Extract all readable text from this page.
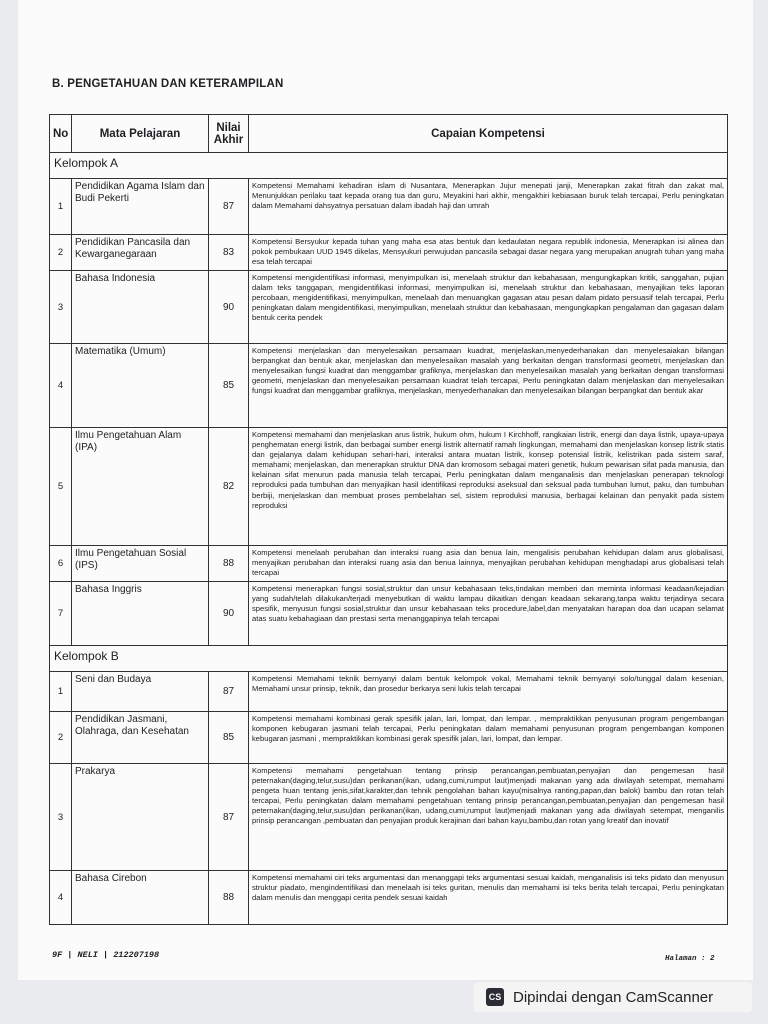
B. PENGETAHUAN DAN KETERAMPILAN
No	Mata Pelajaran	Nilai Akhir	Capaian Kompetensi
Kelompok A			
1	Pendidikan Agama Islam dan Budi Pekerti	87	Kompetensi Memahami kehadiran islam di Nusantara, Menerapkan Jujur menepati janji, Menerapkan zakat fitrah dan zakat mal, Menunjukkan perilaku taat kepada orang tua dan guru, Meyakini hari akhir, mengakhiri kebiasaan buruk telah tercapai, Perlu peningkatan dalam Memahami dahsyatnya persatuan dalam ibadah haji dan umrah
2	Pendidikan Pancasila dan Kewarganegaraan	83	Kompetensi Bersyukur kepada tuhan yang maha esa atas bentuk dan kedaulatan negara republik indonesia, Menerapkan isi alinea dan pokok pembukaan UUD 1945 dikelas, Mensyukuri perwujudan pancasila sebagai dasar negara yang merupakan anugrah tuhan yang maha esa telah tercapai
3	Bahasa Indonesia	90	Kompetensi mengidentifikasi informasi, menyimpulkan isi, menelaah struktur dan kebahasaan, mengungkapkan kritik, sanggahan, pujian dalam teks tanggapan, mengidentifikasi informasi, menyimpulkan isi, menelaah struktur dan kebahasaan, menyajikan teks laporan percobaan, mengidentifikasi, menyimpulkan, menelaah dan menuangkan gagasan atau pesan dalam pidato persuasif telah tercapai, Perlu peningkatan dalam mengidentifikasi, menyimpulkan, menelaah struktur dan kebahasaan, mengungkapkan pengalaman dan gagasan dalam bentuk cerita pendek
4	Matematika (Umum)	85	Kompetensi menjelaskan dan menyelesaikan persamaan kuadrat, menjelaskan,menyederhanakan dan menyelesaiakan bilangan berpangkat dan bentuk akar, menjelaskan dan menyelesaikan masalah yang berkaitan dengan transformasi geometri, menjelaskan dan menyelesaikan fungsi kuadrat dan menggambar grafiknya, menjelaskan dan menyelesaikan masalah yang berkaitan dengan transformasi geometri, menjelaskan dan menyelesaikan persamaan kuadrat telah tercapai, Perlu peningkatan dalam menjelaskan dan menyelesaikan fungsi kuadrat dan menggambar grafiknya, menjelaskan, menyederhanakan dan menyelesaikan bilangan berpangkat dan bentuk akar
5	Ilmu Pengetahuan Alam (IPA)	82	Kompetensi memahami dan menjelaskan arus listrik, hukum ohm, hukum I Kirchhoff, rangkaian listrik, energi dan daya listrik, upaya-upaya penghematan energi listrik, dan berbagai sumber energi listrik alternatif ramah lingkungan, memahami dan menjelaskan konsep listrik statis dan gejalanya dalam kehidupan sehari-hari, interaksi antara muatan listrik, konsep potensial listrik, kelistrikan pada sistem saraf, memahami; menjelaskan, dan menerapkan struktur DNA dan kromosom sebagai materi genetik, hukum pewarisan sifat pada manusia, dan kelainan sifat menurun pada manusia telah tercapai, Perlu peningkatan dalam menganalisis dan menjelaskan penerapan teknologi reproduksi pada tumbuhan dan menyajikan hasil identifikasi reproduksi aseksual dan seksual pada tumbuhan lumut, paku, dan tumbuhan berbiji, menjelaskan dan membuat proses pembelahan sel, sistem reproduksi manusia, berbagai kelainan dan penyakit pada sistem reproduksi
6	Ilmu Pengetahuan Sosial (IPS)	88	Kompetensi menelaah perubahan dan interaksi ruang asia dan benua lain, mengalisis perubahan kehidupan dalam arus globalisasi, menyajikan perubahan dan interaksi ruang asia dan benua lainnya, menyajikan perubahan kehidupan menghadapi arus globalisasi telah tercapai
7	Bahasa Inggris	90	Kompetensi menerapkan fungsi sosial,struktur dan unsur kebahasaan teks,tindakan memberi dan meminta informasi keadaan/kejadian yang sudah/telah dilakukan/terjadi menyebutkan di waktu lampau dikaitkan dengan keadaan sekarang,tanpa waktu terjadinya secara spesifik, menyusun fungsi sosial,struktur dan unsur kebahasaan teks procedure,label,dan menyatakan harapan doa dan ucapan selamat atas suatu kebahagiaan dan prestasi serta menanggapinya telah tercapai
Kelompok B			
1	Seni dan Budaya	87	Kompetensi Memahami teknik bernyanyi dalam bentuk kelompok vokal, Memahami teknik bernyanyi solo/tunggal dalam kesenian, Memahami unsur prinsip, teknik, dan prosedur berkarya seni lukis telah tercapai
2	Pendidikan Jasmani, Olahraga, dan Kesehatan	85	Kompetensi memahami kombinasi gerak spesifik jalan, lari, lompat, dan lempar. , mempraktikkan penyusunan program pengembangan komponen kebugaran jasmani telah tercapai, Perlu peningkatan dalam memahami penyusunan program pengembangan komponen kebugaran jasmani , mempraktikkan kombinasi gerak spesifik jalan, lari, lompat, dan lempar.
3	Prakarya	87	Kompetensi memahami pengetahuan tentang prinsip perancangan,pembuatan,penyajian dan pengemesan hasil peternakan(daging,telur,susu)dan perikanan(ikan, udang,cumi,rumput laut)menjadi makanan yang ada diwilayah setempat, memahami pengeta huan tentang jenis,sifat,karakter,dan tehnik pengolahan bahan kayu(misalnya ranting,papan,dan balok) bambu dan rotan telah tercapai, Perlu peningkatan dalam memahami pengetahuan tentang prinsip perancangan,pembuatan,penyajian dan pengemesan hasil peternakan(daging,telur,susu)dan perikanan(ikan, udang,cumi,rumput laut)menjadi makanan yang ada diwilayah setempat, menganilis prinsip perancangan ,pembuatan dan penyajian produk kerajinan dari bahan kayu,bambu,dan rotan yang kreatif dan inovatif
4	Bahasa Cirebon	88	Kompetensi memahami ciri teks argumentasi dan menanggapi teks argumentasi sesuai kaidah, menganalisis isi teks pidato dan menyusun struktur piadato, mengindentifikasi dan menelaah isi teks guritan, menulis dan memahami isi teks berita telah tercapai, Perlu peningkatan dalam menulis dan menggapi cerita pendek sesuai kaidah
9F | NELI | 212207198	Halaman : 2
CS Dipindai dengan CamScanner
